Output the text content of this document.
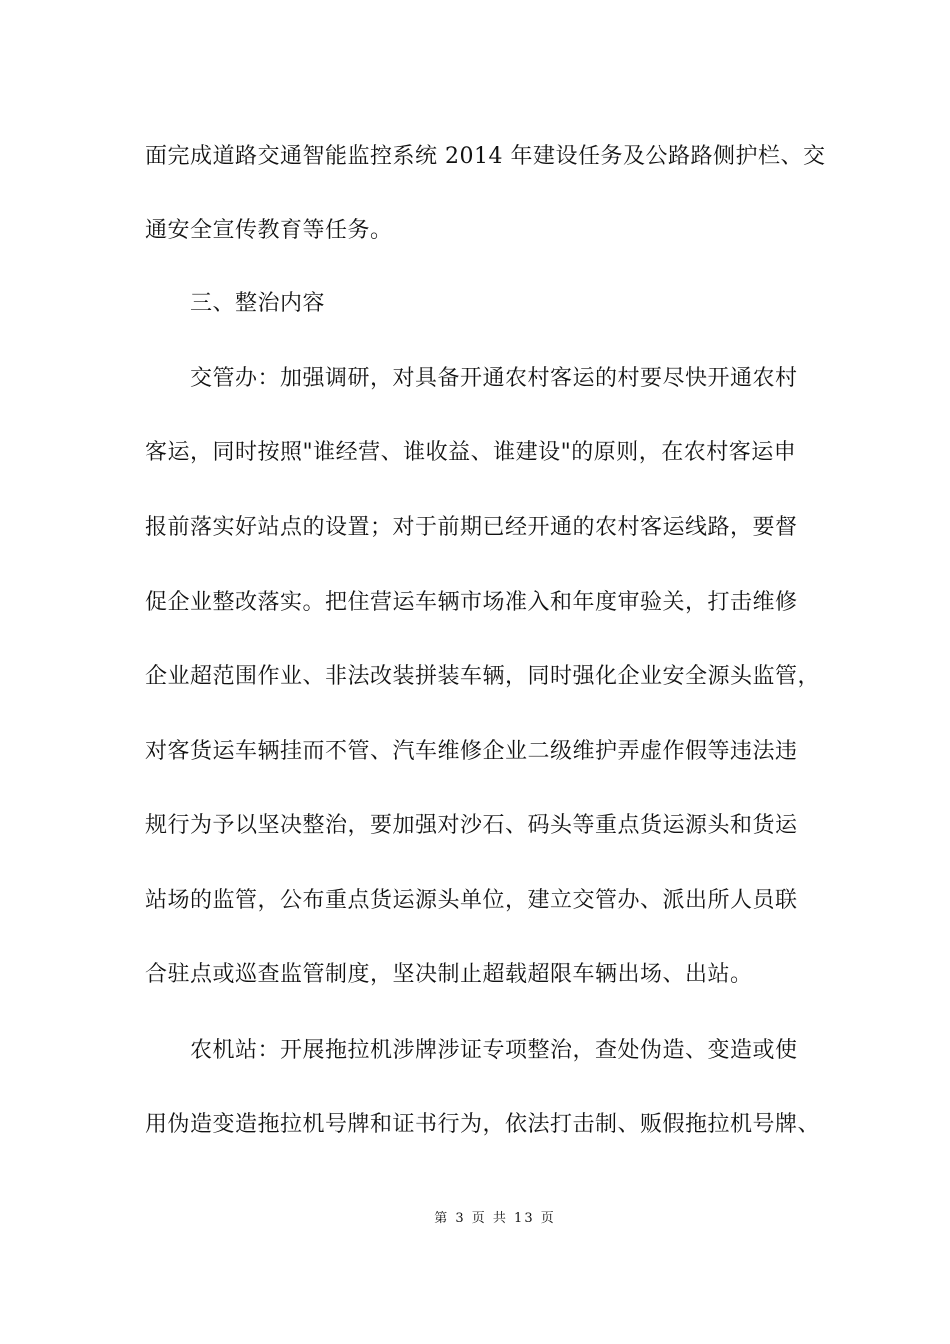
面完成道路交通智能监控系统 2014 年建设任务及公路路侧护栏、交
通安全宣传教育等任务。
三、整治内容
交管办：加强调研，对具备开通农村客运的村要尽快开通农村
客运，同时按照"谁经营、谁收益、谁建设"的原则，在农村客运申
报前落实好站点的设置；对于前期已经开通的农村客运线路，要督
促企业整改落实。把住营运车辆市场准入和年度审验关，打击维修
企业超范围作业、非法改装拼装车辆，同时强化企业安全源头监管，
对客货运车辆挂而不管、汽车维修企业二级维护弄虚作假等违法违
规行为予以坚决整治，要加强对沙石、码头等重点货运源头和货运
站场的监管，公布重点货运源头单位，建立交管办、派出所人员联
合驻点或巡查监管制度，坚决制止超载超限车辆出场、出站。
农机站：开展拖拉机涉牌涉证专项整治，查处伪造、变造或使
用伪造变造拖拉机号牌和证书行为，依法打击制、贩假拖拉机号牌、
第 3 页 共 13 页
